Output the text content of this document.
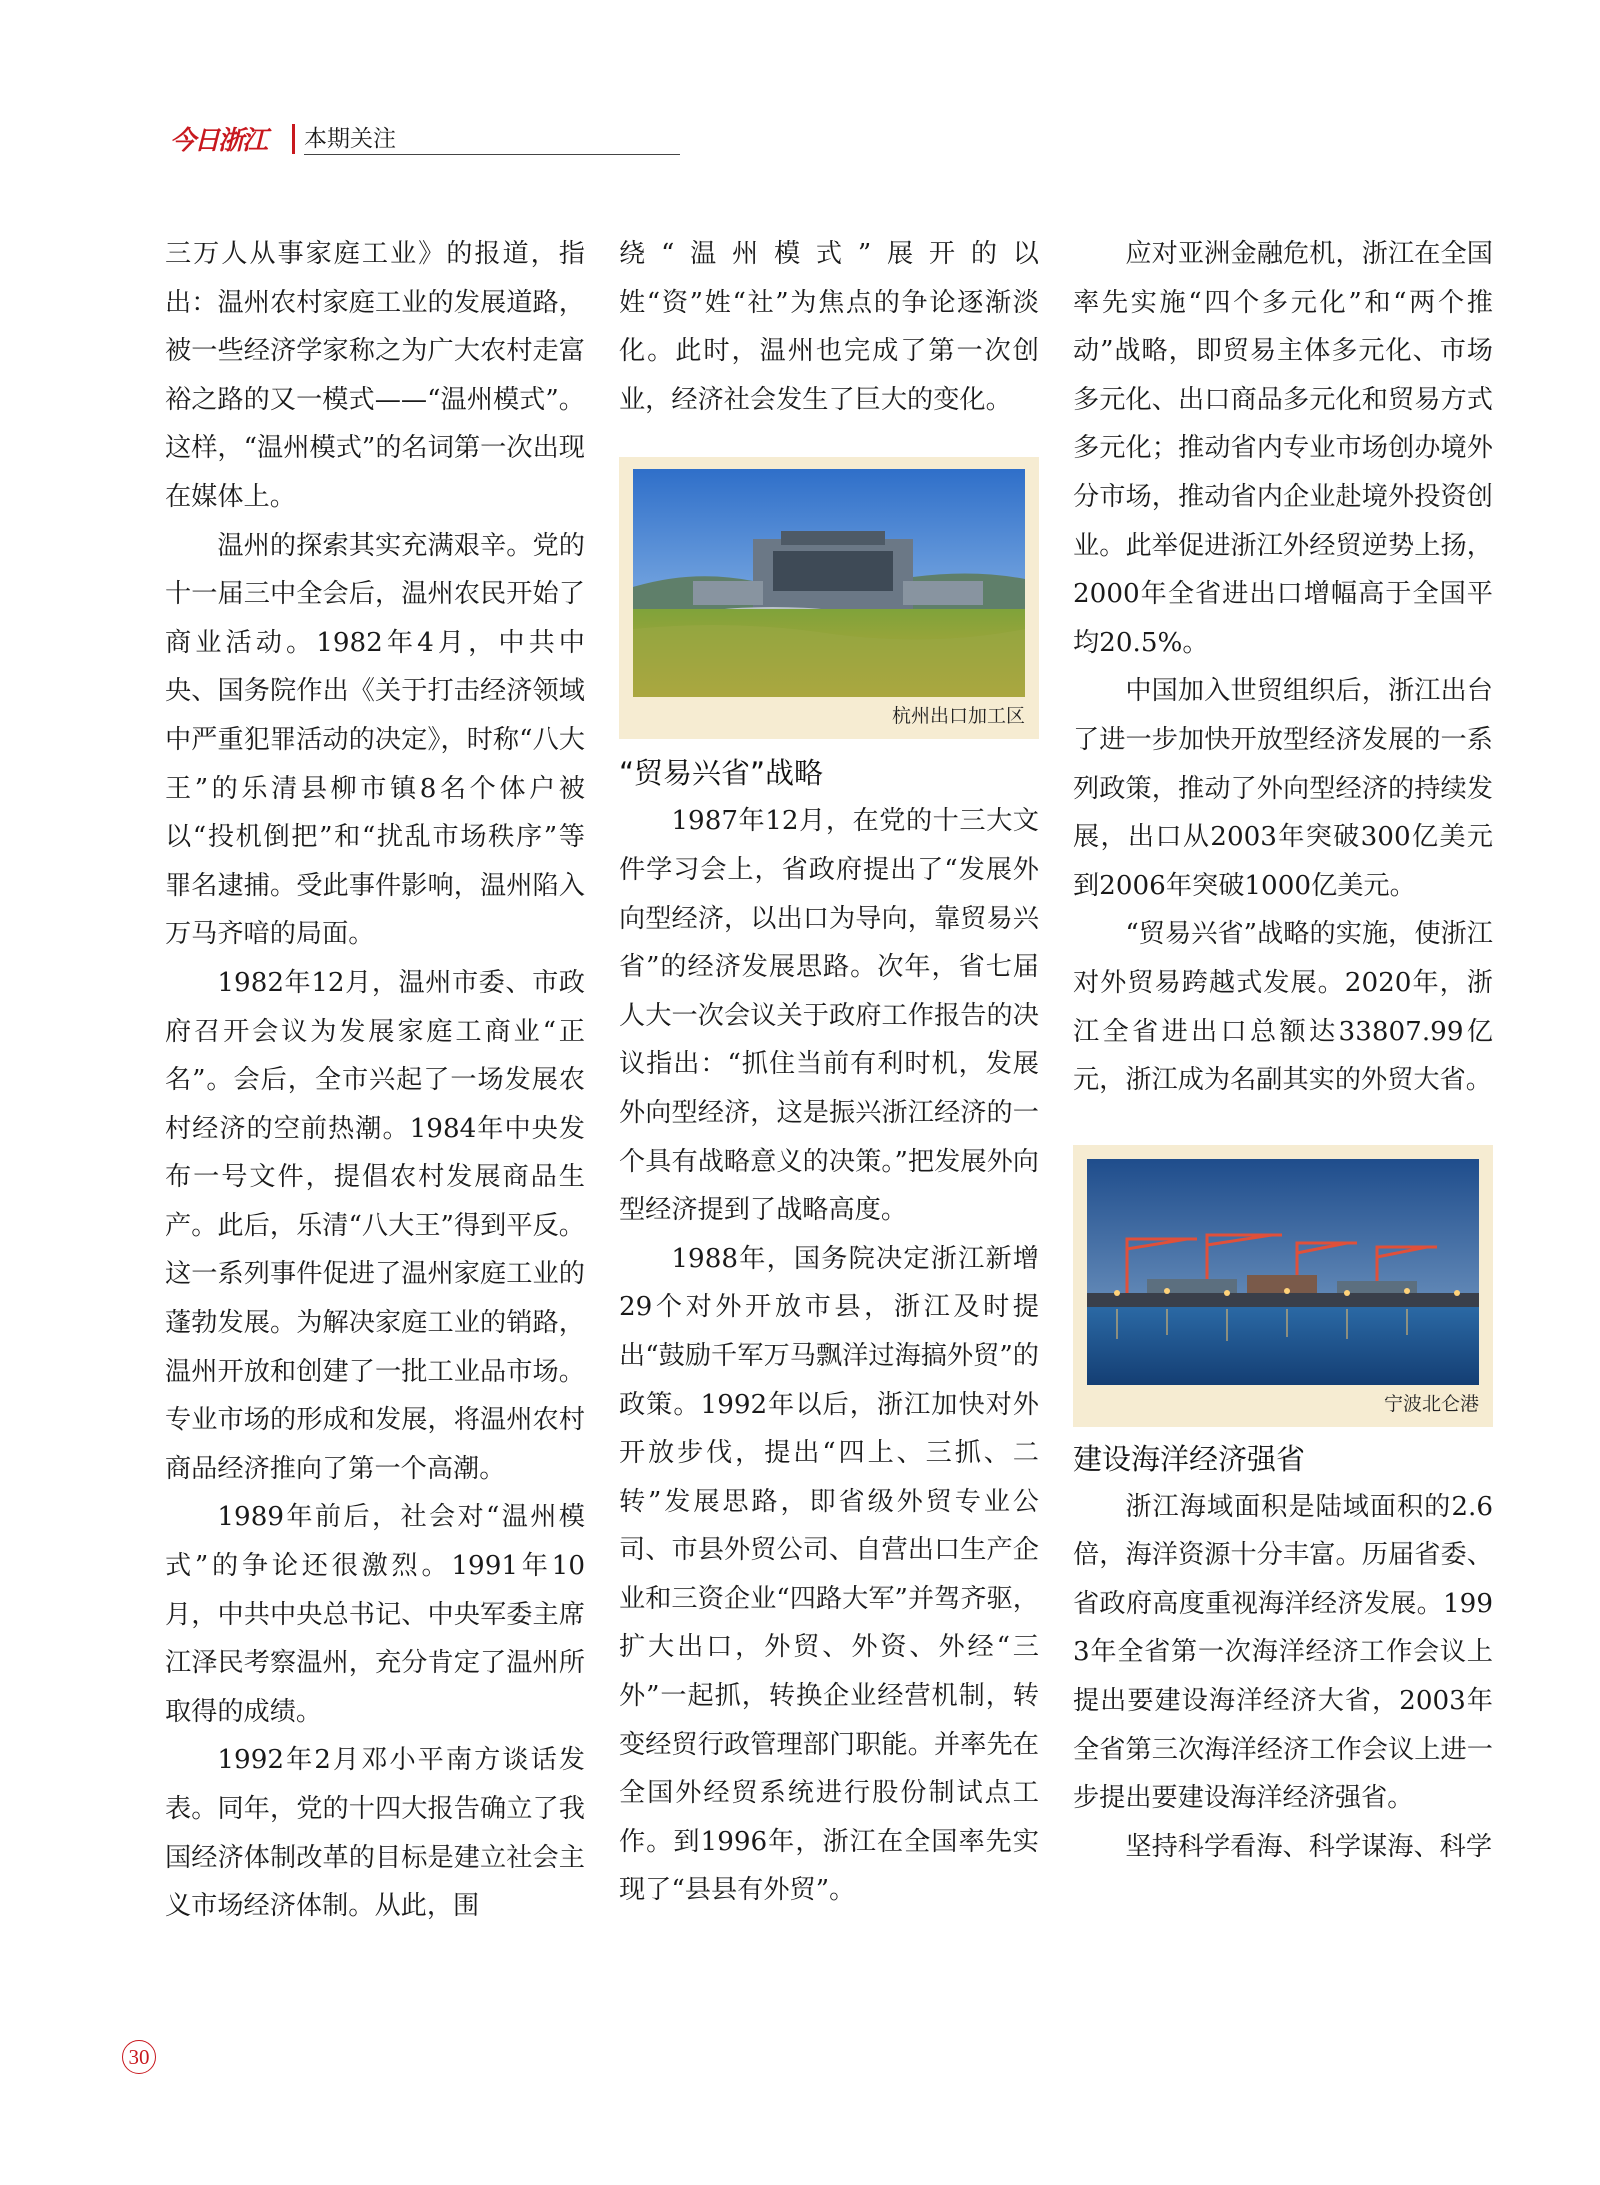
今日浙江	本期关注

三万人从事家庭工业》的报道，指出：温州农村家庭工业的发展道路，被一些经济学家称之为广大农村走富裕之路的又一模式——“温州模式”。这样，“温州模式”的名词第一次出现在媒体上。

温州的探索其实充满艰辛。党的十一届三中全会后，温州农民开始了商业活动。1982年4月，中共中央、国务院作出《关于打击经济领域中严重犯罪活动的决定》，时称“八大王”的乐清县柳市镇8名个体户被以“投机倒把”和“扰乱市场秩序”等罪名逮捕。受此事件影响，温州陷入万马齐喑的局面。

1982年12月，温州市委、市政府召开会议为发展家庭工商业“正名”。会后，全市兴起了一场发展农村经济的空前热潮。1984年中央发布一号文件，提倡农村发展商品生产。此后，乐清“八大王”得到平反。这一系列事件促进了温州家庭工业的蓬勃发展。为解决家庭工业的销路，温州开放和创建了一批工业品市场。专业市场的形成和发展，将温州农村商品经济推向了第一个高潮。

1989年前后，社会对“温州模式”的争论还很激烈。1991年10月，中共中央总书记、中央军委主席江泽民考察温州，充分肯定了温州所取得的成绩。

1992年2月邓小平南方谈话发表。同年，党的十四大报告确立了我国经济体制改革的目标是建立社会主义市场经济体制。从此，围

绕“温州模式”展开的以姓“资”姓“社”为焦点的争论逐渐淡化。此时，温州也完成了第一次创业，经济社会发生了巨大的变化。

杭州出口加工区
“贸易兴省”战略

1987年12月，在党的十三大文件学习会上，省政府提出了“发展外向型经济，以出口为导向，靠贸易兴省”的经济发展思路。次年，省七届人大一次会议关于政府工作报告的决议指出：“抓住当前有利时机，发展外向型经济，这是振兴浙江经济的一个具有战略意义的决策。”把发展外向型经济提到了战略高度。

1988年，国务院决定浙江新增29个对外开放市县，浙江及时提出“鼓励千军万马飘洋过海搞外贸”的政策。1992年以后，浙江加快对外开放步伐，提出“四上、三抓、二转”发展思路，即省级外贸专业公司、市县外贸公司、自营出口生产企业和三资企业“四路大军”并驾齐驱，扩大出口，外贸、外资、外经“三外”一起抓，转换企业经营机制，转变经贸行政管理部门职能。并率先在全国外经贸系统进行股份制试点工作。到1996年，浙江在全国率先实现了“县县有外贸”。

应对亚洲金融危机，浙江在全国率先实施“四个多元化”和“两个推动”战略，即贸易主体多元化、市场多元化、出口商品多元化和贸易方式多元化；推动省内专业市场创办境外分市场，推动省内企业赴境外投资创业。此举促进浙江外经贸逆势上扬，2000年全省进出口增幅高于全国平均20.5%。

中国加入世贸组织后，浙江出台了进一步加快开放型经济发展的一系列政策，推动了外向型经济的持续发展，出口从2003年突破300亿美元到2006年突破1000亿美元。

“贸易兴省”战略的实施，使浙江对外贸易跨越式发展。2020年，浙江全省进出口总额达33807.99亿元，浙江成为名副其实的外贸大省。

宁波北仑港
建设海洋经济强省

浙江海域面积是陆域面积的2.6倍，海洋资源十分丰富。历届省委、省政府高度重视海洋经济发展。1993年全省第一次海洋经济工作会议上提出要建设海洋经济大省，2003年全省第三次海洋经济工作会议上进一步提出要建设海洋经济强省。

坚持科学看海、科学谋海、科学

30
